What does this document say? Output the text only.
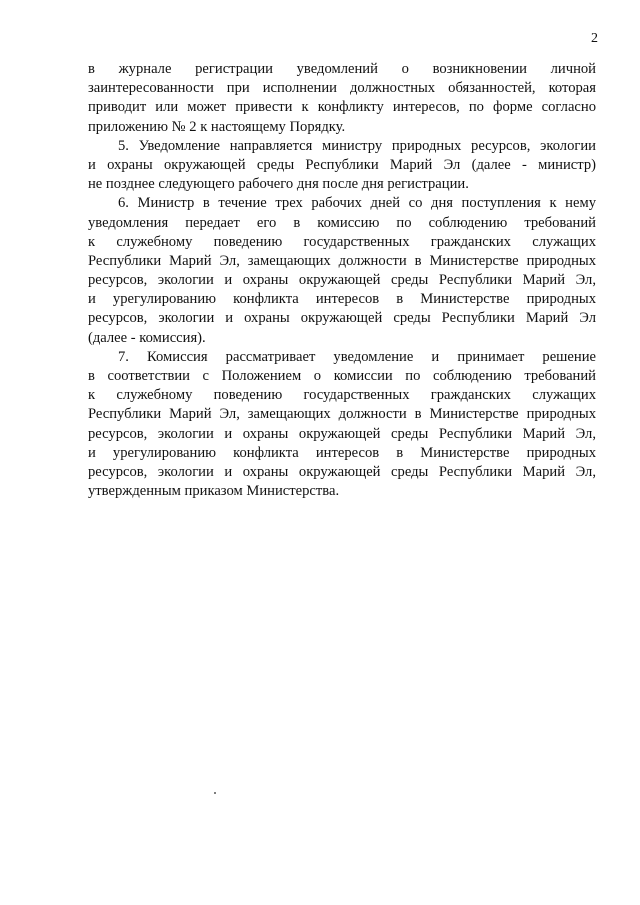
2
в журнале регистрации уведомлений о возникновении личной
заинтересованности при исполнении должностных обязанностей, которая
приводит или может привести к конфликту интересов, по форме согласно
приложению № 2 к настоящему Порядку.
5. Уведомление направляется министру природных ресурсов, экологии
и охраны окружающей среды Республики Марий Эл (далее - министр)
не позднее следующего рабочего дня после дня регистрации.
6. Министр в течение трех рабочих дней со дня поступления к нему
уведомления передает его в комиссию по соблюдению требований
к служебному поведению государственных гражданских служащих
Республики Марий Эл, замещающих должности в Министерстве природных
ресурсов, экологии и охраны окружающей среды Республики Марий Эл,
и урегулированию конфликта интересов в Министерстве природных
ресурсов, экологии и охраны окружающей среды Республики Марий Эл
(далее - комиссия).
7. Комиссия рассматривает уведомление и принимает решение
в соответствии с Положением о комиссии по соблюдению требований
к служебному поведению государственных гражданских служащих
Республики Марий Эл, замещающих должности в Министерстве природных
ресурсов, экологии и охраны окружающей среды Республики Марий Эл,
и урегулированию конфликта интересов в Министерстве природных
ресурсов, экологии и охраны окружающей среды Республики Марий Эл,
утвержденным приказом Министерства.
